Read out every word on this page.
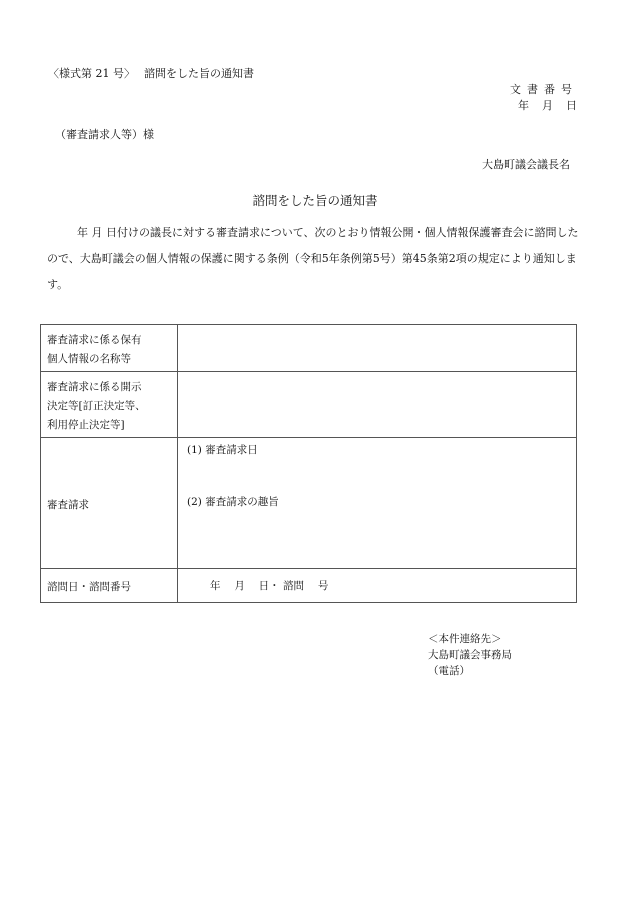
〈様式第 21 号〉　 諮問をした旨の通知書
文書番号
年　月　日
（審査請求人等）様
大島町議会議長名
諮問をした旨の通知書
年 月 日付けの議長に対する審査請求について、次のとおり情報公開・個人情報保護審査会に諮問したので、大島町議会の個人情報の保護に関する条例（令和5年条例第5号）第45条第2項の規定により通知します。
審査請求に係る保有
個人情報の名称等	

審査請求に係る開示
決定等[訂正決定等、
利用停止決定等]	

審査請求	(1) 審査請求日
(2) 審査請求の趣旨

諮問日・諮問番号	年　 月　 日・ 諮問　 号
＜本件連絡先＞
大島町議会事務局
（電話）
